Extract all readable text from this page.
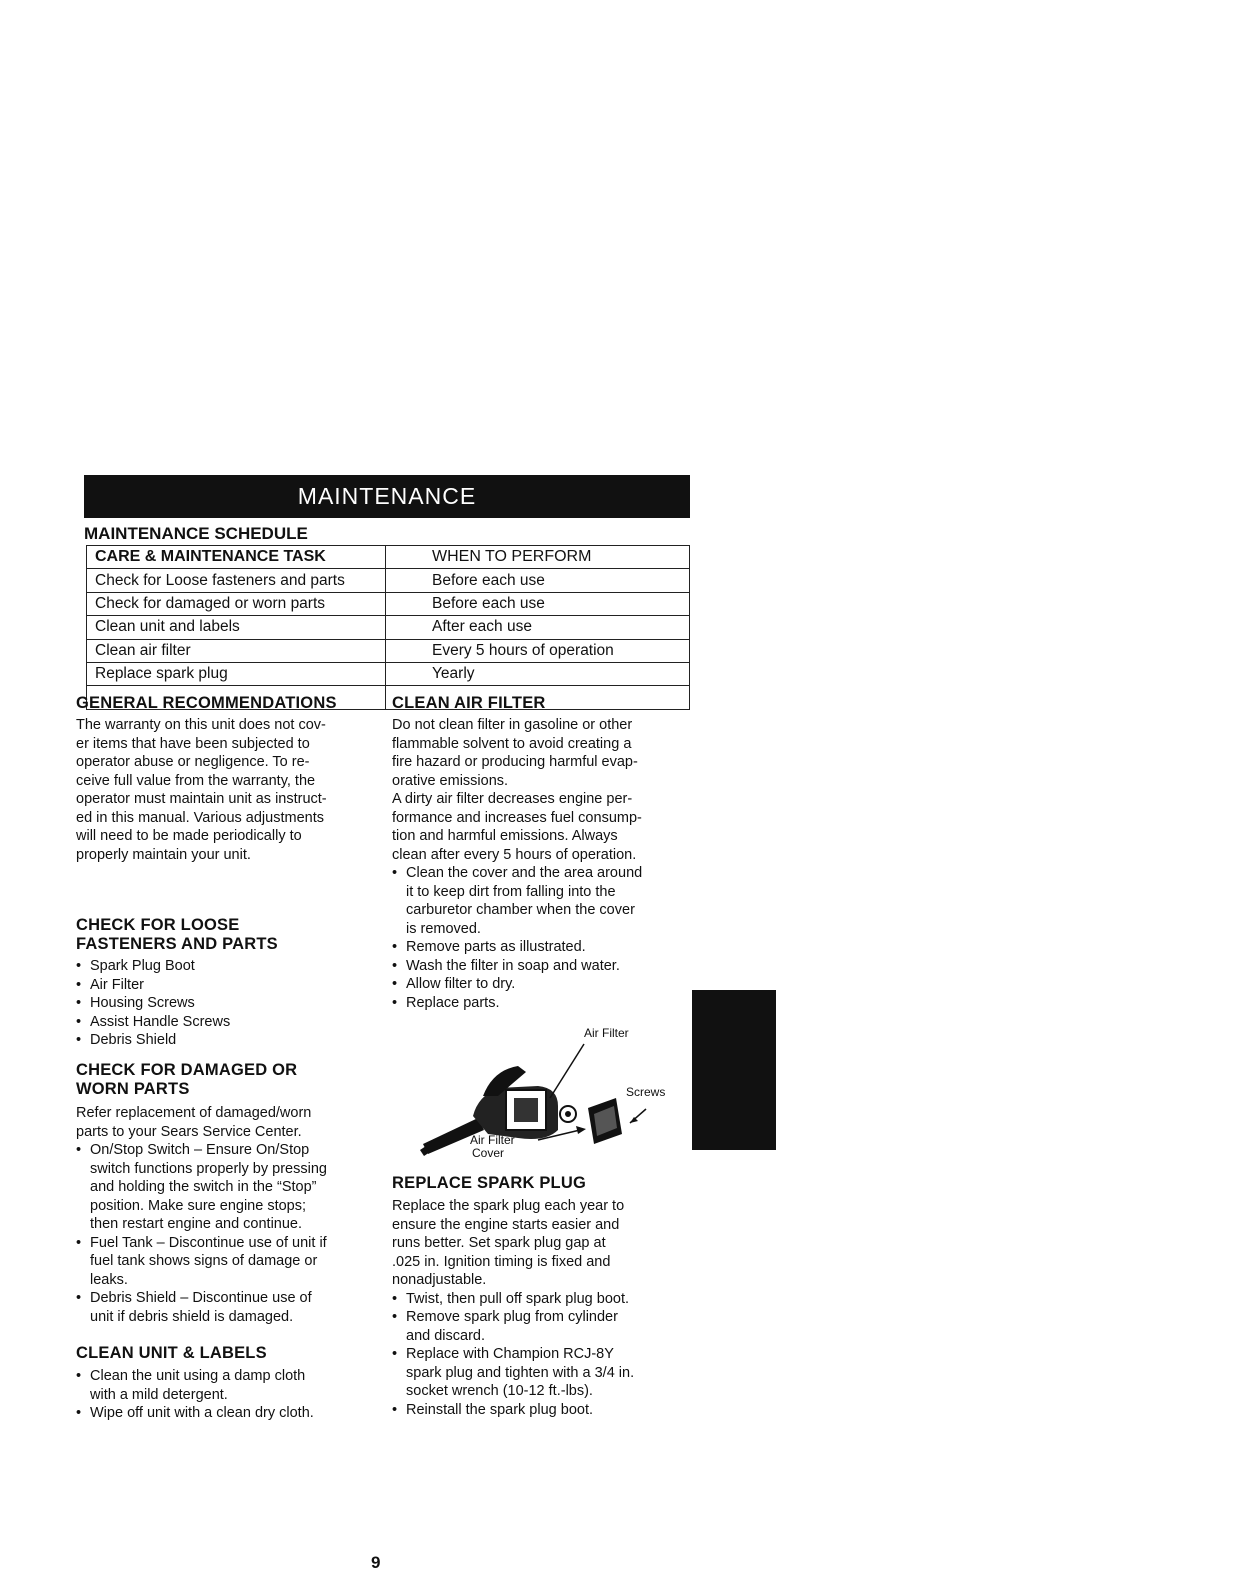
MAINTENANCE
MAINTENANCE SCHEDULE
CARE & MAINTENANCE TASK	WHEN TO PERFORM
Check for Loose fasteners and parts	Before each use
Check for damaged or worn parts	Before each use
Clean unit and labels	After each use
Clean air filter	Every 5 hours of operation
Replace spark plug	Yearly

GENERAL RECOMMENDATIONS
The warranty on this unit does not cov-
er items that have been subjected to
operator abuse or negligence. To re-
ceive full value from the warranty, the
operator must maintain unit as instruct-
ed in this manual. Various adjustments
will need to be made periodically to
properly maintain your unit.
CHECK FOR LOOSE
FASTENERS AND PARTS
• Spark Plug Boot
• Air Filter
• Housing Screws
• Assist Handle Screws
• Debris Shield
CHECK FOR DAMAGED OR
WORN PARTS
Refer replacement of damaged/worn
parts to your Sears Service Center.
• On/Stop Switch – Ensure On/Stop
switch functions properly by pressing
and holding the switch in the “Stop”
position. Make sure engine stops;
then restart engine and continue.
• Fuel Tank – Discontinue use of unit if
fuel tank shows signs of damage or
leaks.
• Debris Shield – Discontinue use of
unit if debris shield is damaged.
CLEAN UNIT & LABELS
• Clean the unit using a damp cloth
with a mild detergent.
• Wipe off unit with a clean dry cloth.
CLEAN AIR FILTER
Do not clean filter in gasoline or other
flammable solvent to avoid creating a
fire hazard or producing harmful evap-
orative emissions.
A dirty air filter decreases engine per-
formance and increases fuel consump-
tion and harmful emissions. Always
clean after every 5 hours of operation.
• Clean the cover and the area around
it to keep dirt from falling into the
carburetor chamber when the cover
is removed.
• Remove parts as illustrated.
• Wash the filter in soap and water.
• Allow filter to dry.
• Replace parts.
Air Filter
Screws
Air Filter
Cover
REPLACE SPARK PLUG
Replace the spark plug each year to
ensure the engine starts easier and
runs better. Set spark plug gap at
.025 in. Ignition timing is fixed and
nonadjustable.
• Twist, then pull off spark plug boot.
• Remove spark plug from cylinder
and discard.
• Replace with Champion RCJ-8Y
spark plug and tighten with a 3/4 in.
socket wrench (10-12 ft.-lbs).
• Reinstall the spark plug boot.
9
